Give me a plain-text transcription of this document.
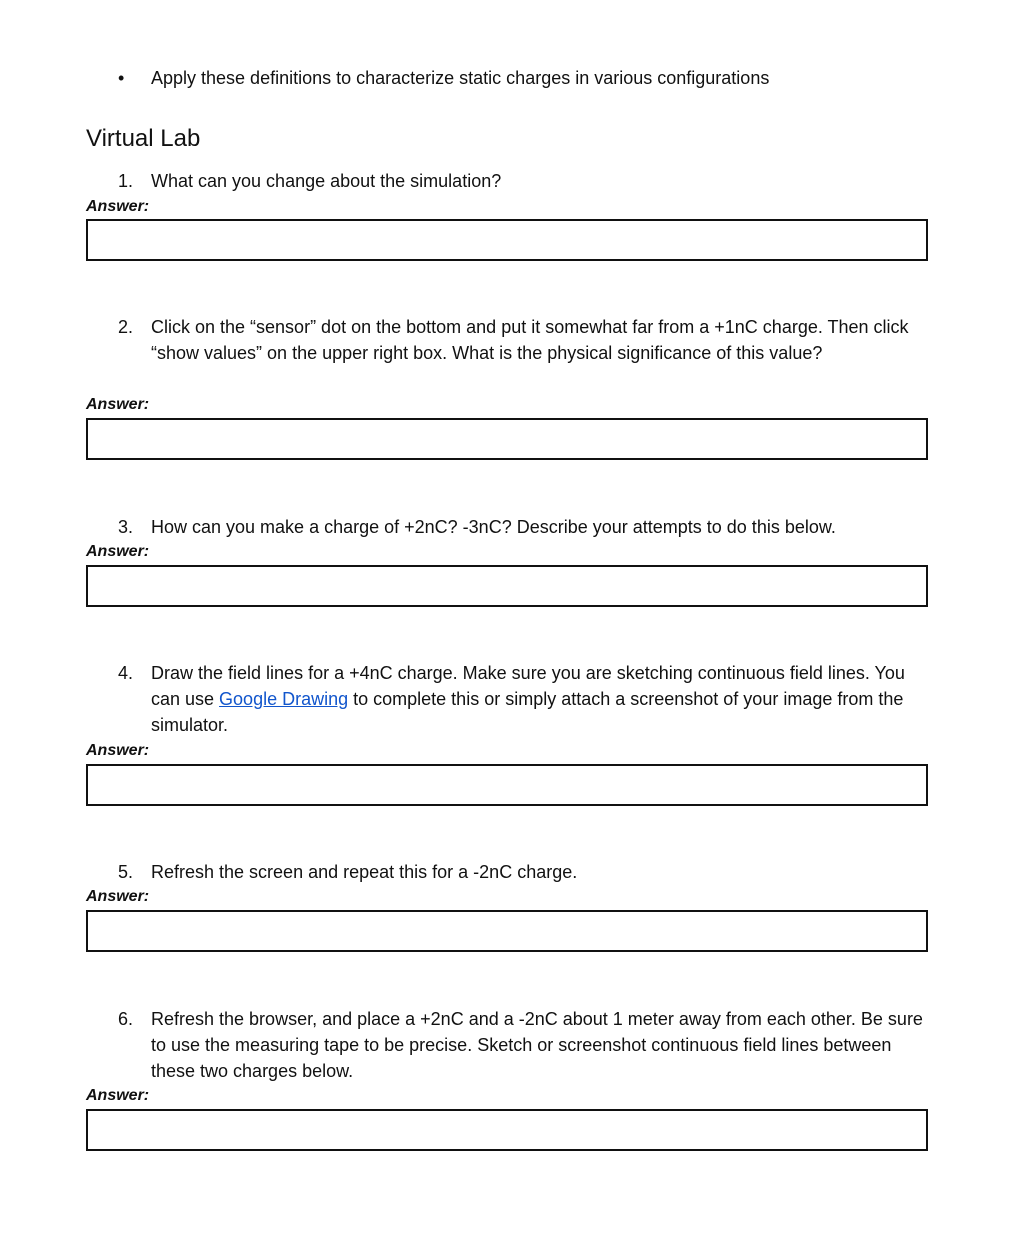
•	Apply these definitions to characterize static charges in various configurations
Virtual Lab
1. What can you change about the simulation?
Answer:
2. Click on the “sensor” dot on the bottom and put it somewhat far from a +1nC charge. Then click “show values” on the upper right box. What is the physical significance of this value?
Answer:
3. How can you make a charge of +2nC? -3nC? Describe your attempts to do this below.
Answer:
4. Draw the field lines for a +4nC charge. Make sure you are sketching continuous field lines. You can use Google Drawing to complete this or simply attach a screenshot of your image from the simulator.
Answer:
5. Refresh the screen and repeat this for a -2nC charge.
Answer:
6. Refresh the browser, and place a +2nC and a -2nC about 1 meter away from each other. Be sure to use the measuring tape to be precise. Sketch or screenshot continuous field lines between these two charges below.
Answer:
